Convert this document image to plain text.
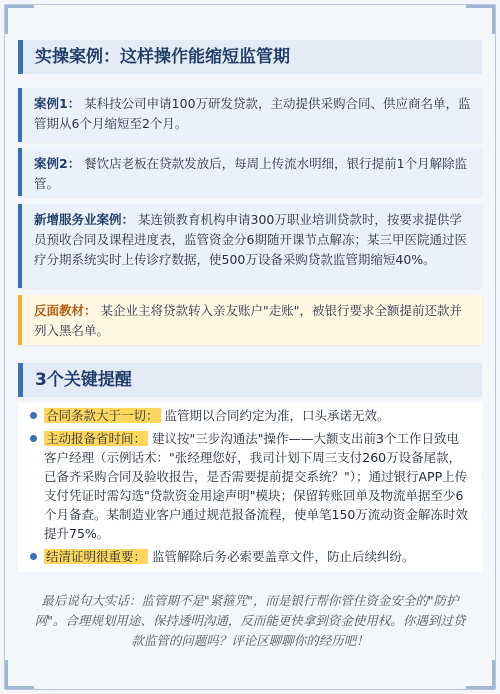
实操案例：这样操作能缩短监管期
案例1： 某科技公司申请100万研发贷款，主动提供采购合同、供应商名单，监管期从6个月缩短至2个月。
案例2： 餐饮店老板在贷款发放后，每周上传流水明细，银行提前1个月解除监管。
新增服务业案例： 某连锁教育机构申请300万职业培训贷款时，按要求提供学员预收合同及课程进度表，监管资金分6期随开课节点解冻；某三甲医院通过医疗分期系统实时上传诊疗数据，使500万设备采购贷款监管期缩短40%。
反面教材： 某企业主将贷款转入亲友账户"走账"，被银行要求全额提前还款并列入黑名单。
3个关键提醒
合同条款大于一切： 监管期以合同约定为准，口头承诺无效。
主动报备省时间： 建议按"三步沟通法"操作——大额支出前3个工作日致电客户经理（示例话术："张经理您好，我司计划下周三支付260万设备尾款，已备齐采购合同及验收报告，是否需要提前提交系统？"）；通过银行APP上传支付凭证时需勾选"贷款资金用途声明"模块；保留转账回单及物流单据至少6个月备查。某制造业客户通过规范报备流程，使单笔150万流动资金解冻时效提升75%。
结清证明很重要： 监管解除后务必索要盖章文件，防止后续纠纷。
最后说句大实话：监管期不是"紧箍咒"，而是银行帮你管住资金安全的"防护网"。合理规划用途、保持透明沟通，反而能更快拿到资金使用权。你遇到过贷款监管的问题吗？评论区聊聊你的经历吧！
